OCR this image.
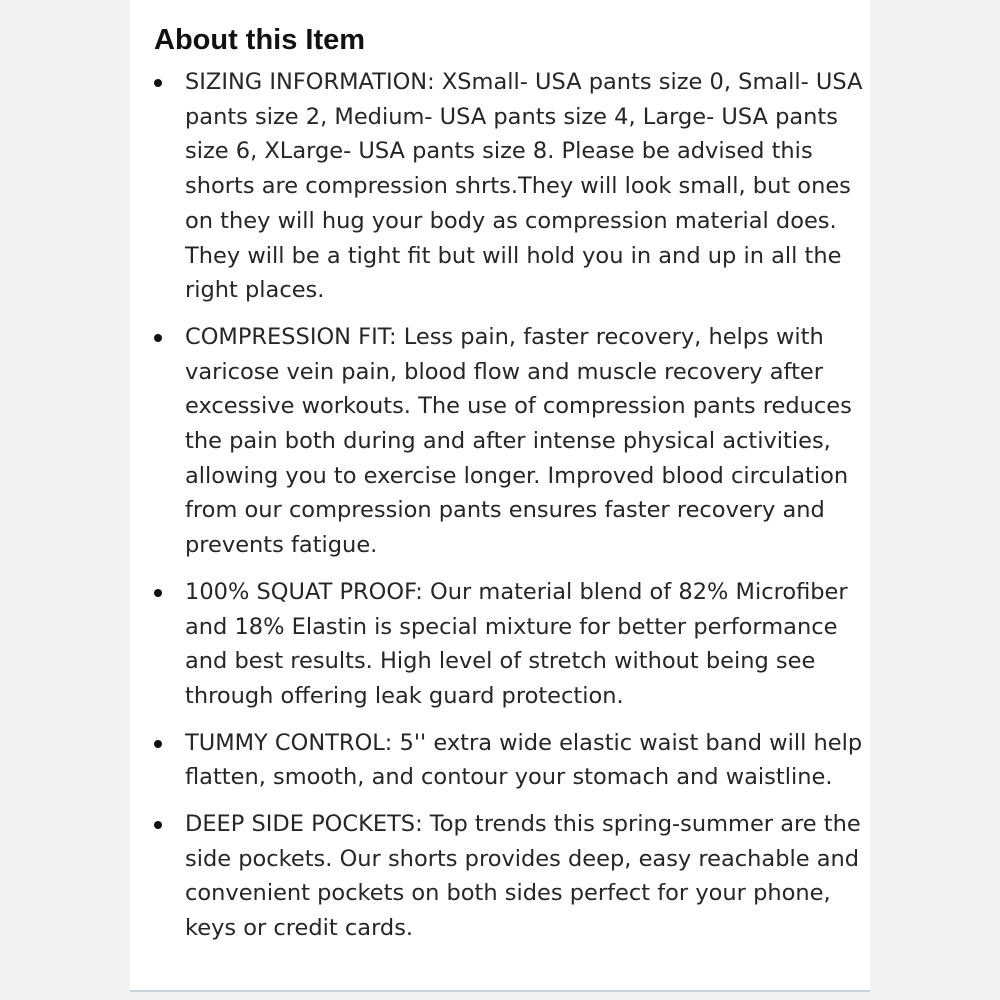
About this Item
SIZING INFORMATION: XSmall- USA pants size 0, Small- USA pants size 2, Medium- USA pants size 4, Large- USA pants size 6, XLarge- USA pants size 8. Please be advised this shorts are compression shrts.They will look small, but ones on they will hug your body as compression material does. They will be a tight fit but will hold you in and up in all the right places.
COMPRESSION FIT: Less pain, faster recovery, helps with varicose vein pain, blood flow and muscle recovery after excessive workouts. The use of compression pants reduces the pain both during and after intense physical activities, allowing you to exercise longer. Improved blood circulation from our compression pants ensures faster recovery and prevents fatigue.
100% SQUAT PROOF: Our material blend of 82% Microfiber and 18% Elastin is special mixture for better performance and best results. High level of stretch without being see through offering leak guard protection.
TUMMY CONTROL: 5'' extra wide elastic waist band will help flatten, smooth, and contour your stomach and waistline.
DEEP SIDE POCKETS: Top trends this spring-summer are the side pockets. Our shorts provides deep, easy reachable and convenient pockets on both sides perfect for your phone, keys or credit cards.
